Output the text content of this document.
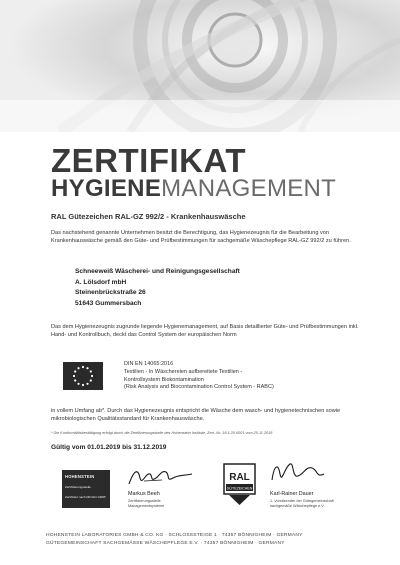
ZERTIFIKAT
HYGIENEMANAGEMENT
RAL Gütezeichen RAL-GZ 992/2 - Krankenhauswäsche
Das nachstehend genannte Unternehmen besitzt die Berechtigung, das Hygienezeugnis für die Bearbeitung von Krankenhauswäsche gemäß den Güte- und Prüfbestimmungen für sachgemäße Wäschepflege RAL-GZ 992/2 zu führen.
Schneeweiß Wäscherei- und Reinigungsgesellschaft
A. Lölsdorf mbH
Steinenbrückstraße 26
51643 Gummersbach
Das dem Hygienezeugnis zugrunde liegende Hygienemanagement, auf Basis detaillierter Güte- und Prüfbestimmungen inkl. Hand- und Kontrollbuch, deckt das Control System der europäischen Norm
DIN EN 14065:2016
Textilien - In Wäschereien aufbereitete Textilien -
Kontrollsystem Biokontamination
(Risk Analysis and Biocontamination Control System - RABC)
in vollem Umfang ab*. Durch das Hygienezeugnis entspricht die Wäsche dem wasch- und hygienetechnischen sowie mikrobiologischen Qualitätsstandard für Krankenhauswäsche.
* Die Konformitätsbestätigung erfolgt durch die Zertifizierungsstelle des Hohenstein Institute, Zert.-Nr. 18.1.20.0001 vom 25.11.2018
Gültig vom 01.01.2019 bis 31.12.2019
HOHENSTEIN
Zertifizierungsstelle
Zertifiziert nach DIN EN 14065	Markus Beeh
Zertifizierungsstelle
Managementsysteme
RAL
GÜTEZEICHEN
Karl-Rainer Dauer
1. Vorsitzender der Gütegemeinschaft
sachgemäße Wäschepflege e.V.
HOHENSTEIN LABORATORIES GMBH & CO. KG · SCHLOSSSTEIGE 1 · 74357 BÖNNIGHEIM · GERMANY
GÜTEGEMEINSCHAFT SACHGEMÄSSE WÄSCHEPFLEGE E.V. · 74357 BÖNNIGHEIM · GERMANY
